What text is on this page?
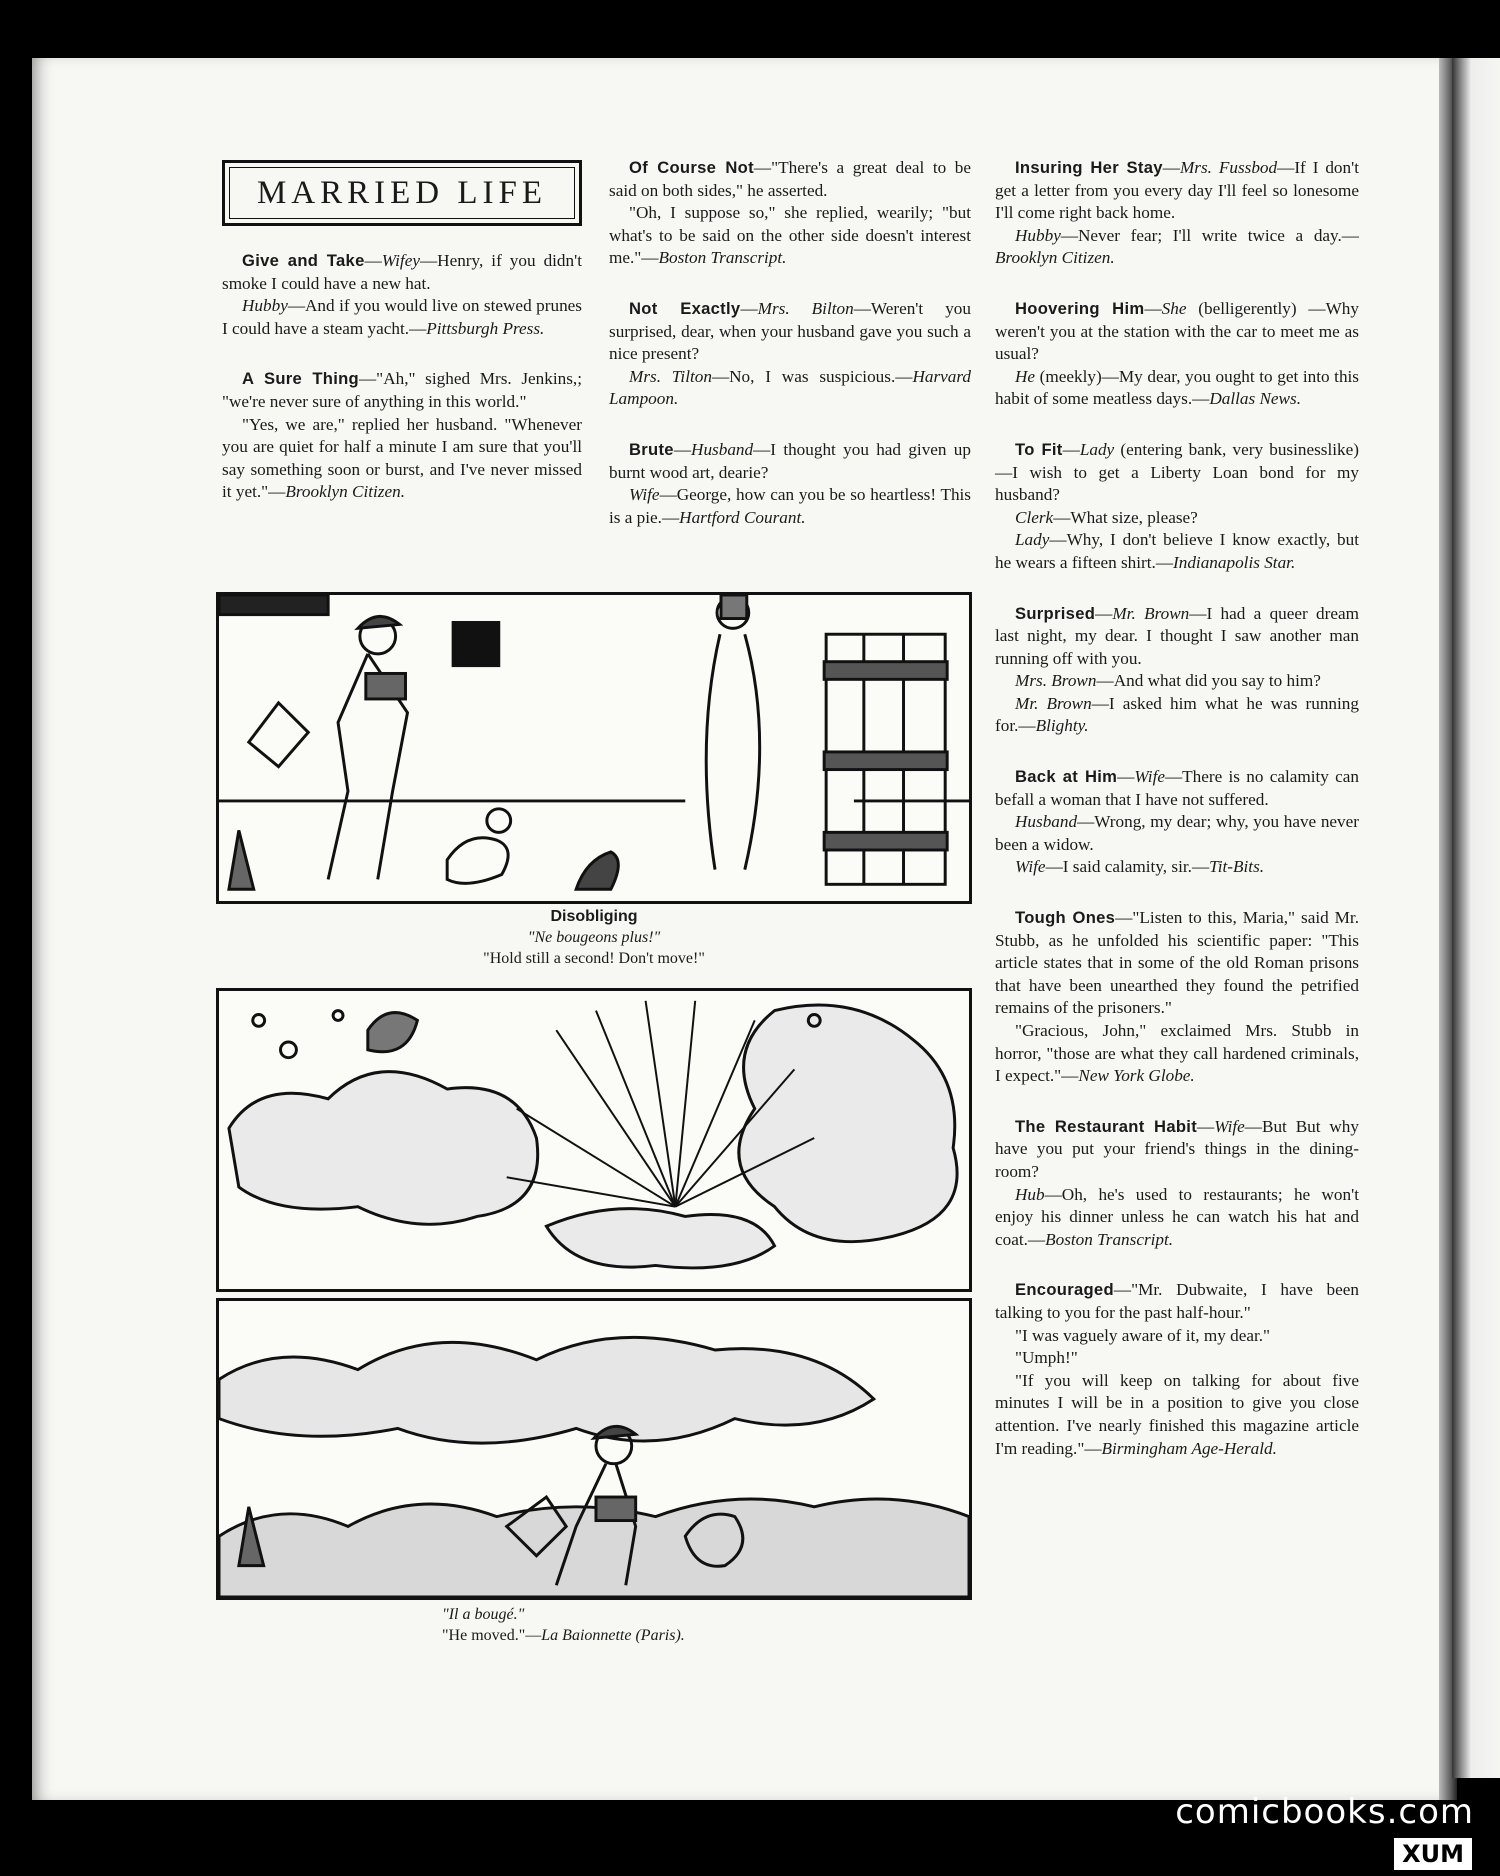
MARRIED LIFE

Give and Take—Wifey—Henry, if you didn't smoke I could have a new hat.

Hubby—And if you would live on stewed prunes I could have a steam yacht.—Pittsburgh Press.

A Sure Thing—"Ah," sighed Mrs. Jenkins,; "we're never sure of anything in this world."

"Yes, we are," replied her husband. "Whenever you are quiet for half a minute I am sure that you'll say something soon or burst, and I've never missed it yet."—Brooklyn Citizen.

Of Course Not—"There's a great deal to be said on both sides," he asserted.

"Oh, I suppose so," she replied, wearily; "but what's to be said on the other side doesn't interest me."—Boston Transcript.

Not Exactly—Mrs. Bilton—Weren't you surprised, dear, when your husband gave you such a nice present?

Mrs. Tilton—No, I was suspicious.—Harvard Lampoon.

Brute—Husband—I thought you had given up burnt wood art, dearie?

Wife—George, how can you be so heartless! This is a pie.—Hartford Courant.

Insuring Her Stay—Mrs. Fussbod—If I don't get a letter from you every day I'll feel so lonesome I'll come right back home.

Hubby—Never fear; I'll write twice a day.—Brooklyn Citizen.

Hoovering Him—She (belligerently) —Why weren't you at the station with the car to meet me as usual?

He (meekly)—My dear, you ought to get into this habit of some meatless days.—Dallas News.

To Fit—Lady (entering bank, very businesslike)—I wish to get a Liberty Loan bond for my husband?

Clerk—What size, please?

Lady—Why, I don't believe I know exactly, but he wears a fifteen shirt.—Indianapolis Star.

Surprised—Mr. Brown—I had a queer dream last night, my dear. I thought I saw another man running off with you.

Mrs. Brown—And what did you say to him?

Mr. Brown—I asked him what he was running for.—Blighty.

Back at Him—Wife—There is no calamity can befall a woman that I have not suffered.

Husband—Wrong, my dear; why, you have never been a widow.

Wife—I said calamity, sir.—Tit-Bits.

Tough Ones—"Listen to this, Maria," said Mr. Stubb, as he unfolded his scientific paper: "This article states that in some of the old Roman prisons that have been unearthed they found the petrified remains of the prisoners."

"Gracious, John," exclaimed Mrs. Stubb in horror, "those are what they call hardened criminals, I expect."—New York Globe.

The Restaurant Habit—Wife—But But why have you put your friend's things in the dining-room?

Hub—Oh, he's used to restaurants; he won't enjoy his dinner unless he can watch his hat and coat.—Boston Transcript.

Encouraged—"Mr. Dubwaite, I have been talking to you for the past half-hour."

"I was vaguely aware of it, my dear."

"Umph!"

"If you will keep on talking for about five minutes I will be in a position to give you close attention. I've nearly finished this magazine article I'm reading."—Birmingham Age-Herald.

Disobliging
"Ne bougeons plus!"
"Hold still a second! Don't move!"
"Il a bougé."
"He moved."—La Baionnette (Paris).
comicbooks.com
XUM
